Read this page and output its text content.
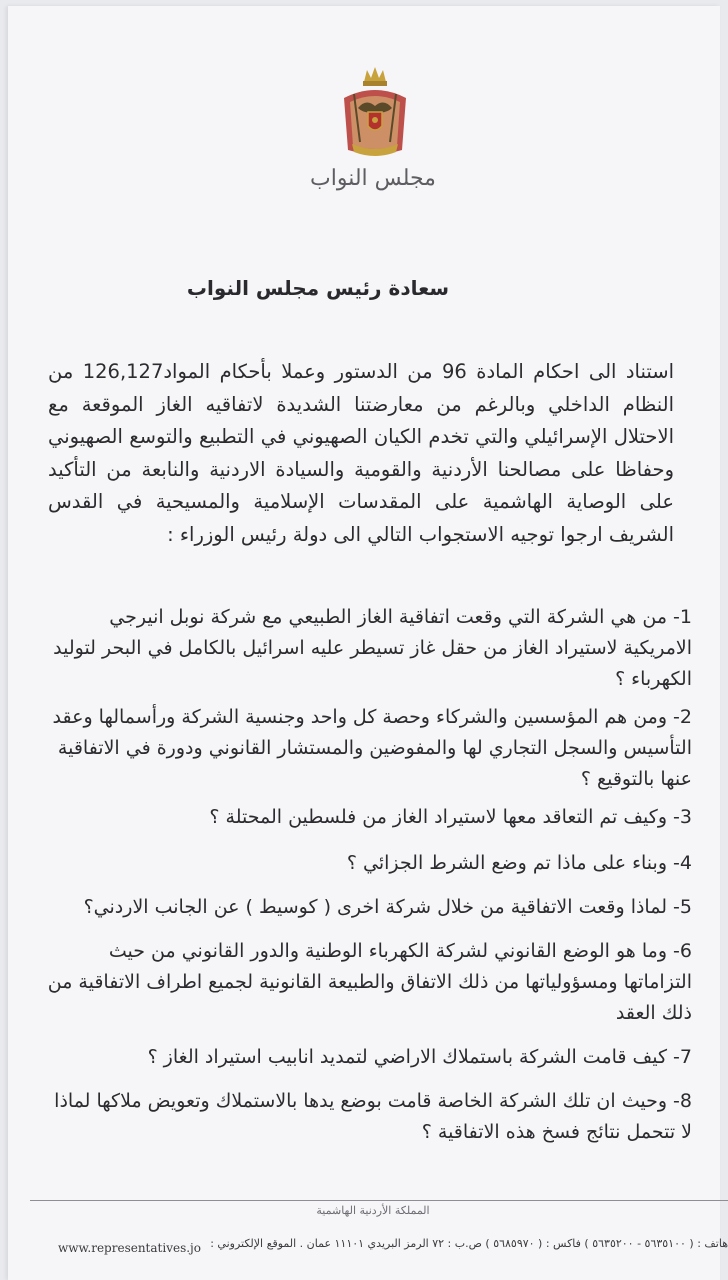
مجلس النواب
سعادة رئيس مجلس النواب
استناد الى احكام المادة 96 من الدستور وعملا بأحكام المواد126,127 من النظام الداخلي وبالرغم من معارضتنا الشديدة لاتفاقيه الغاز الموقعة مع الاحتلال الإسرائيلي والتي تخدم الكيان الصهيوني في التطبيع والتوسع الصهيوني وحفاظا على مصالحنا الأردنية والقومية والسيادة الاردنية والنابعة من التأكيد على الوصاية الهاشمية على المقدسات الإسلامية والمسيحية في القدس الشريف ارجوا توجيه الاستجواب التالي الى دولة رئيس الوزراء :
1- من هي الشركة التي وقعت اتفاقية الغاز الطبيعي مع شركة نوبل انيرجي الامريكية لاستيراد الغاز من حقل غاز تسيطر عليه اسرائيل بالكامل في البحر لتوليد الكهرباء ؟
2- ومن هم المؤسسين والشركاء وحصة كل واحد وجنسية الشركة ورأسمالها وعقد التأسيس والسجل التجاري لها والمفوضين والمستشار القانوني ودورة في الاتفاقية عنها بالتوقيع ؟
3- وكيف تم التعاقد معها لاستيراد الغاز من فلسطين المحتلة ؟
4- وبناء على ماذا تم وضع الشرط الجزائي ؟
5- لماذا وقعت الاتفاقية من خلال شركة اخرى ( كوسيط ) عن الجانب الاردني؟
6- وما هو الوضع القانوني لشركة الكهرباء الوطنية والدور القانوني من حيث التزاماتها ومسؤولياتها من ذلك الاتفاق والطبيعة القانونية لجميع اطراف الاتفاقية من ذلك العقد
7- كيف قامت الشركة باستملاك الاراضي لتمديد انابيب استيراد الغاز ؟
8- وحيث ان تلك الشركة الخاصة قامت بوضع يدها بالاستملاك وتعويض ملاكها لماذا لا تتحمل نتائج فسخ هذه الاتفاقية ؟
المملكة الأردنية الهاشمية
هاتف : ( ٥٦٣٥١٠٠ - ٥٦٣٥٢٠٠ ) فاكس : ( ٥٦٨٥٩٧٠ ) ص.ب : ٧٢ الرمز البريدي ١١١٠١ عمان . الموقع الإلكتروني :
www.representatives.jo
